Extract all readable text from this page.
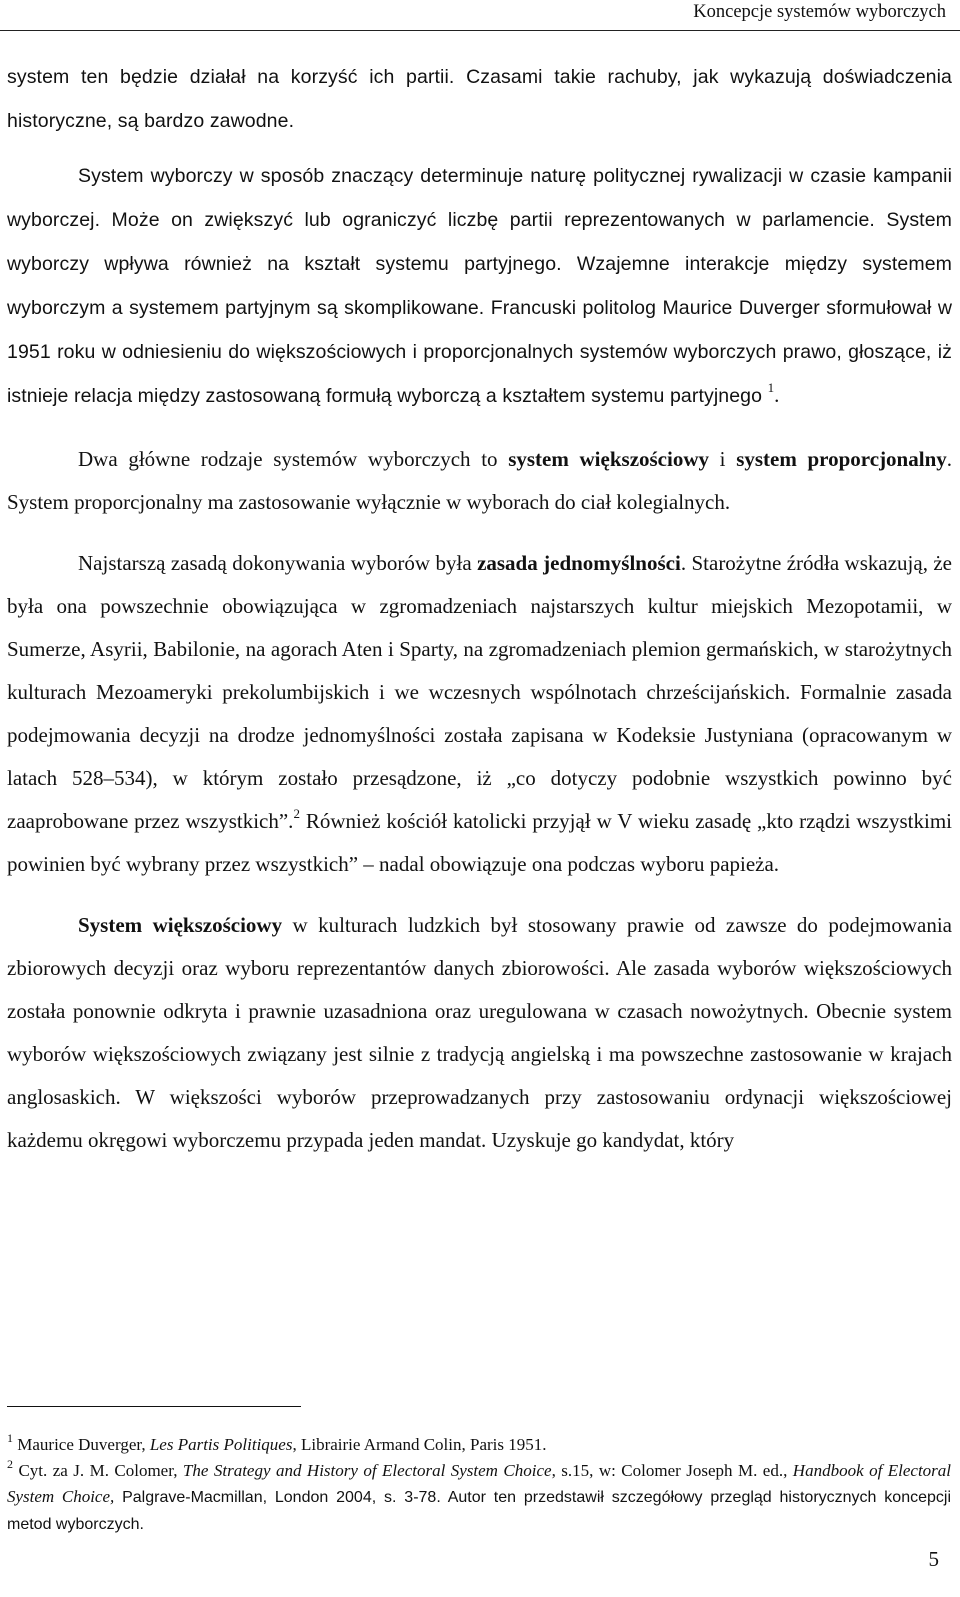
Koncepcje systemów wyborczych

system ten będzie działał na korzyść ich partii. Czasami takie rachuby, jak wykazują doświadczenia historyczne, są bardzo zawodne.

System wyborczy w sposób znaczący determinuje naturę politycznej rywalizacji w czasie kampanii wyborczej. Może on zwiększyć lub ograniczyć liczbę partii reprezentowanych w parlamencie. System wyborczy wpływa również na kształt systemu partyjnego. Wzajemne interakcje między systemem wyborczym a systemem partyjnym są skomplikowane. Francuski politolog Maurice Duverger sformułował w 1951 roku w odniesieniu do większościowych i proporcjonalnych systemów wyborczych prawo, głoszące, iż istnieje relacja między zastosowaną formułą wyborczą a kształtem systemu partyjnego $^1$.

Dwa główne rodzaje systemów wyborczych to system większościowy i system proporcjonalny. System proporcjonalny ma zastosowanie wyłącznie w wyborach do ciał kolegialnych.

Najstarszą zasadą dokonywania wyborów była zasada jednomyślności. Starożytne źródła wskazują, że była ona powszechnie obowiązująca w zgromadzeniach najstarszych kultur miejskich Mezopotamii, w Sumerze, Asyrii, Babilonie, na agorach Aten i Sparty, na zgromadzeniach plemion germańskich, w starożytnych kulturach Mezoameryki prekolumbijskich i we wczesnych wspólnotach chrześcijańskich. Formalnie zasada podejmowania decyzji na drodze jednomyślności została zapisana w Kodeksie Justyniana (opracowanym w latach 528–534), w którym zostało przesądzone, iż „co dotyczy podobnie wszystkich powinno być zaaprobowane przez wszystkich”.$^2$ Również kościół katolicki przyjął w V wieku zasadę „kto rządzi wszystkimi powinien być wybrany przez wszystkich” – nadal obowiązuje ona podczas wyboru papieża.

System większościowy w kulturach ludzkich był stosowany prawie od zawsze do podejmowania zbiorowych decyzji oraz wyboru reprezentantów danych zbiorowości. Ale zasada wyborów większościowych została ponownie odkryta i prawnie uzasadniona oraz uregulowana w czasach nowożytnych. Obecnie system wyborów większościowych związany jest silnie z tradycją angielską i ma powszechne zastosowanie w krajach anglosaskich. W większości wyborów przeprowadzanych przy zastosowaniu ordynacji większościowej każdemu okręgowi wyborczemu przypada jeden mandat. Uzyskuje go kandydat, który

$^1$ Maurice Duverger, Les Partis Politiques, Librairie Armand Colin, Paris 1951.

$^2$ Cyt. za J. M. Colomer, The Strategy and History of Electoral System Choice, s.15, w: Colomer Joseph M. ed., Handbook of Electoral System Choice, Palgrave-Macmillan, London 2004, s. 3-78. Autor ten przedstawił szczegółowy przegląd historycznych koncepcji metod wyborczych.

5
